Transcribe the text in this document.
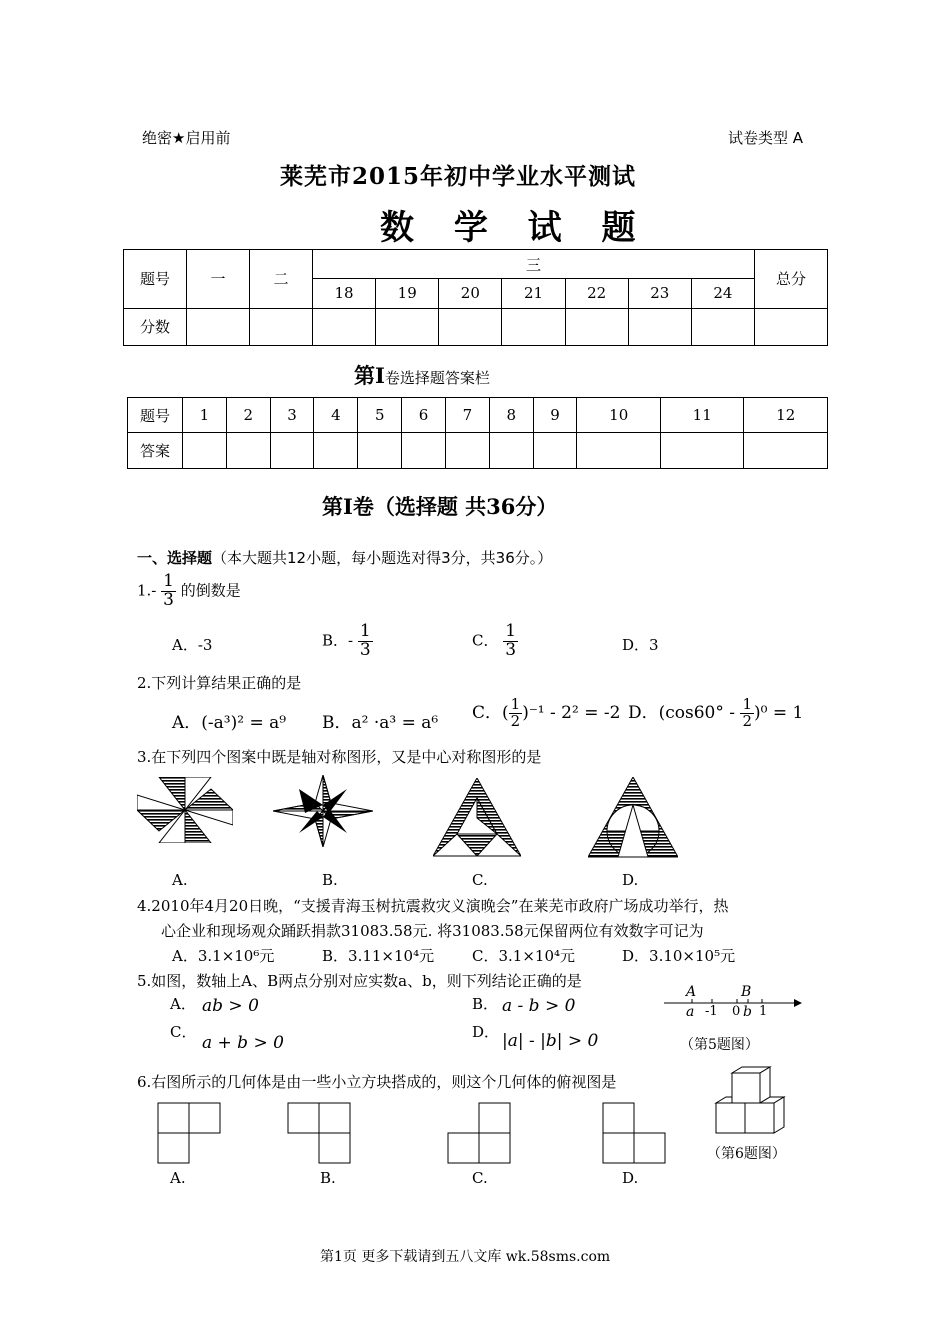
绝密★启用前	试卷类型 A
莱芜市2015年初中学业水平测试
数 学 试 题
题号	一	二	三							总分
			18	19	20	21	22	23	24	
分数										
第Ⅰ卷选择题答案栏
题号	1	2	3	4	5	6	7	8	9	10	11	12
答案												
第Ⅰ卷（选择题 共36分）
一、选择题（本大题共12小题，每小题选对得3分，共36分。）
$1.- \frac{1}{3}$ 的倒数是
A．-3	B．- $\frac{1}{3}$	C． $\frac{1}{3}$	D．3
2.下列计算结果正确的是
A．(-a³)² = a⁹ B．a² ·a³ = a⁶
C．( $\frac{1}{2} )^{-1} - 2^2 = -2$ D．$(\cos 60^\circ - \frac{1}{2} )^0 = 1$
3.在下列四个图案中既是轴对称图形，又是中心对称图形的是
A.	B.	C.	D.
4.2010年4月20日晚，“支援青海玉树抗震救灾义演晚会”在莱芜市政府广场成功举行，热
心企业和现场观众踊跃捐款31083.58元. 将31083.58元保留两位有效数字可记为
A．3.1×10⁶元	B．3.11×10⁴元	C．3.1×10⁴元	D．3.10×10⁵元
5.如图，数轴上A、B两点分别对应实数a、b，则下列结论正确的是
A． ab > 0	B． a - b > 0
C．
a + b > 0
D． |a| - |b| > 0
A	B
a -1 0 b 1
（第5题图）
6.右图所示的几何体是由一些小立方块搭成的，则这个几何体的俯视图是
A.	B.	C.	D.
（第6题图）
第1页 更多下载请到五八文库 wk.58sms.com
